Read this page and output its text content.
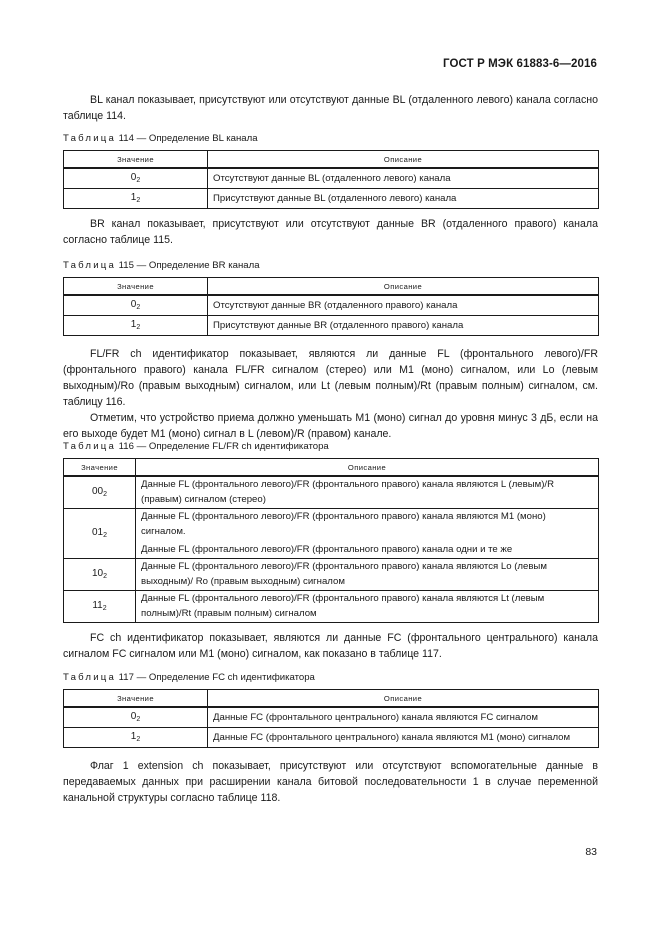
ГОСТ Р МЭК 61883-6—2016

BL канал показывает, присутствуют или отсутствуют данные BL (отдаленного левого) канала согласно таблице 114.

Таблица 114 — Определение BL канала
Значение	Описание
$0_2$	Отсутствуют данные BL (отдаленного левого) канала
$1_2$	Присутствуют данные BL (отдаленного левого) канала

BR канал показывает, присутствуют или отсутствуют данные BR (отдаленного правого) канала согласно таблице 115.

Таблица 115 — Определение BR канала
Значение	Описание
$0_2$	Отсутствуют данные BR (отдаленного правого) канала
$1_2$	Присутствуют данные BR (отдаленного правого) канала

FL/FR ch идентификатор показывает, являются ли данные FL (фронтального левого)/FR (фронтального правого) канала FL/FR сигналом (стерео) или M1 (моно) сигналом, или Lo (левым выходным)/Ro (правым выходным) сигналом, или Lt (левым полным)/Rt (правым полным) сигналом, см. таблицу 116.

Отметим, что устройство приема должно уменьшать M1 (моно) сигнал до уровня минус 3 дБ, если на его выходе будет M1 (моно) сигнал в L (левом)/R (правом) канале.

Таблица 116 — Определение FL/FR ch идентификатора
Значение	Описание
$00_2$	Данные FL (фронтального левого)/FR (фронтального правого) канала являются L (левым)/R (правым) сигналом (стерео)
$01_2$	Данные FL (фронтального левого)/FR (фронтального правого) канала являются M1 (моно) сигналом.
Данные FL (фронтального левого)/FR (фронтального правого) канала одни и те же

$10_2$	Данные FL (фронтального левого)/FR (фронтального правого) канала являются Lo (левым выходным)/ Ro (правым выходным) сигналом
$11_2$	Данные FL (фронтального левого)/FR (фронтального правого) канала являются Lt (левым полным)/Rt (правым полным) сигналом

FC ch идентификатор показывает, являются ли данные FC (фронтального центрального) канала сигналом FC сигналом или M1 (моно) сигналом, как показано в таблице 117.

Таблица 117 — Определение FC ch идентификатора
Значение	Описание
$0_2$	Данные FC (фронтального центрального) канала являются FC сигналом
$1_2$	Данные FC (фронтального центрального) канала являются M1 (моно) сигналом

Флаг 1 extension ch показывает, присутствуют или отсутствуют вспомогательные данные в передаваемых данных при расширении канала битовой последовательности 1 в случае переменной канальной структуры согласно таблице 118.

83
